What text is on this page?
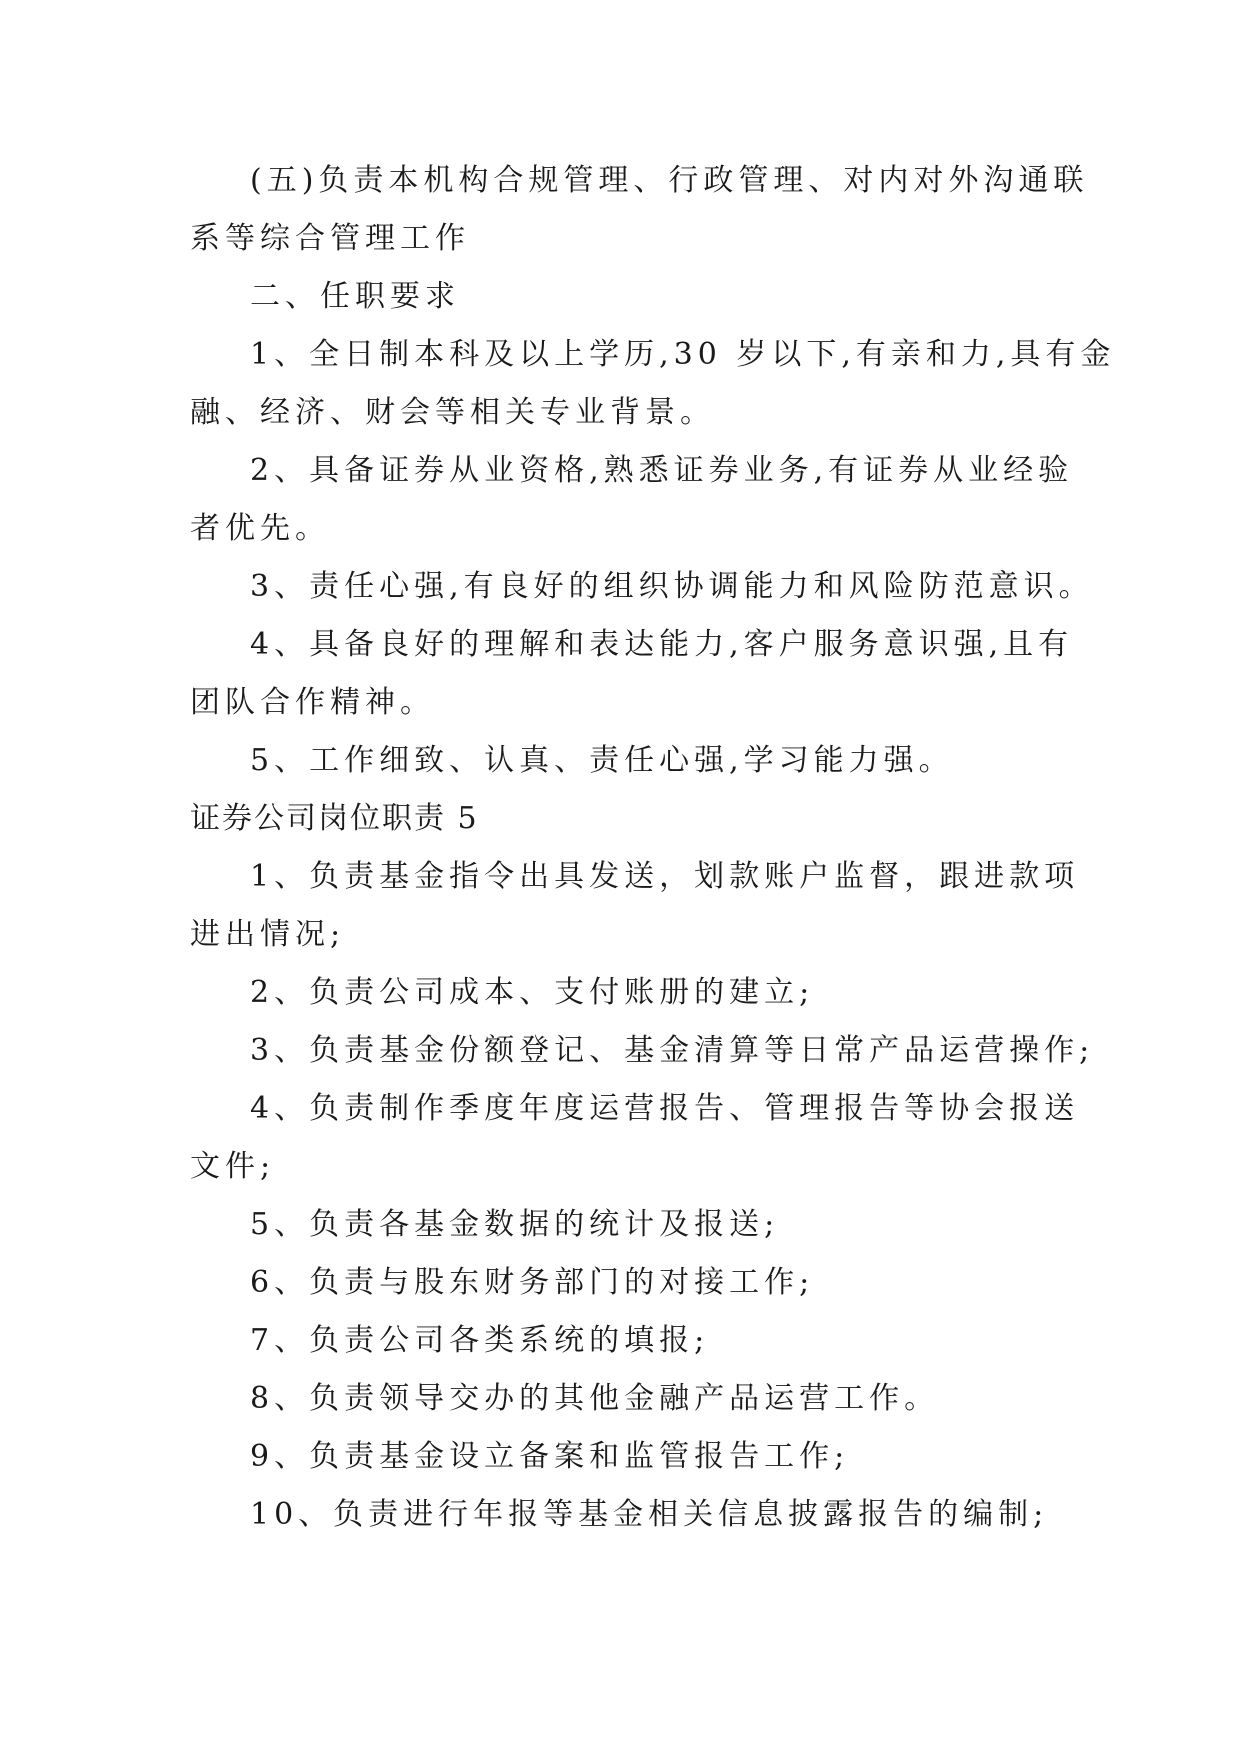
(五)负责本机构合规管理、行政管理、对内对外沟通联
系等综合管理工作

二、任职要求

1、全日制本科及以上学历,30 岁以下,有亲和力,具有金
融、经济、财会等相关专业背景。

2、具备证券从业资格,熟悉证券业务,有证券从业经验
者优先。

3、责任心强,有良好的组织协调能力和风险防范意识。

4、具备良好的理解和表达能力,客户服务意识强,且有
团队合作精神。

5、工作细致、认真、责任心强,学习能力强。

证券公司岗位职责 5

1、负责基金指令出具发送，划款账户监督，跟进款项
进出情况;

2、负责公司成本、支付账册的建立;

3、负责基金份额登记、基金清算等日常产品运营操作;

4、负责制作季度年度运营报告、管理报告等协会报送
文件;

5、负责各基金数据的统计及报送;

6、负责与股东财务部门的对接工作;

7、负责公司各类系统的填报;

8、负责领导交办的其他金融产品运营工作。

9、负责基金设立备案和监管报告工作;

10、负责进行年报等基金相关信息披露报告的编制;
